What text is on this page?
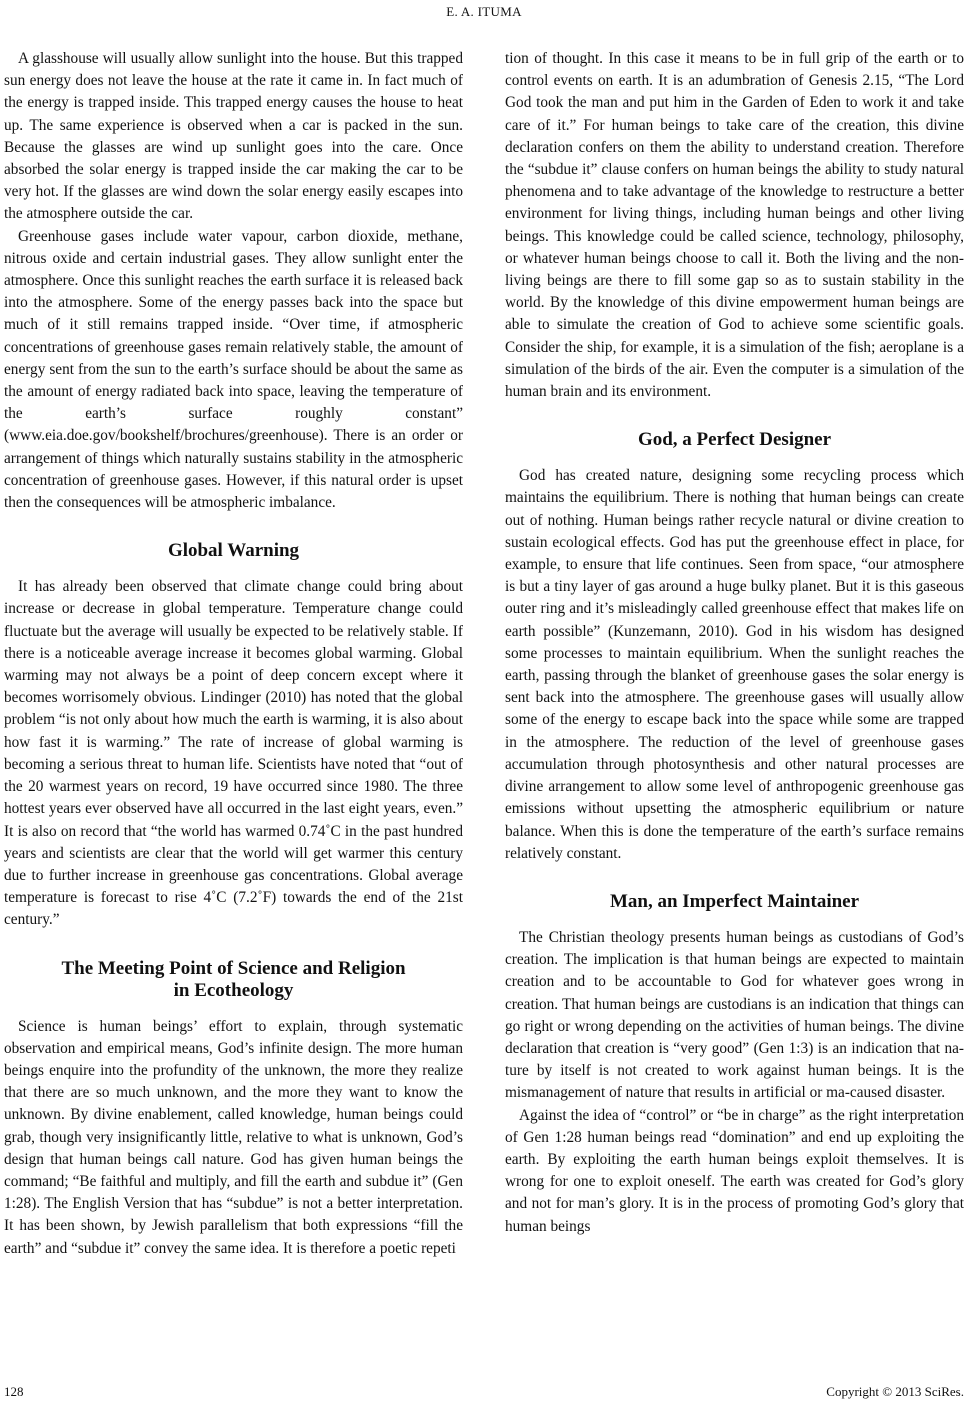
E. A. ITUMA

A glasshouse will usually allow sunlight into the house. But this trapped sun energy does not leave the house at the rate it came in. In fact much of the energy is trapped inside. This trapped energy causes the house to heat up. The same experience is observed when a car is packed in the sun. Because the glasses are wind up sunlight goes into the care. Once absorbed the solar energy is trapped inside the car making the car to be very hot. If the glasses are wind down the solar energy easily escapes into the atmosphere outside the car.

Greenhouse gases include water vapour, carbon dioxide, methane, nitrous oxide and certain industrial gases. They allow sunlight enter the atmosphere. Once this sunlight reaches the earth surface it is released back into the atmosphere. Some of the energy passes back into the space but much of it still remains trapped inside. “Over time, if atmospheric concentrations of greenhouse gases remain relatively stable, the amount of energy sent from the sun to the earth’s surface should be about the same as the amount of energy radiated back into space, leaving the temperature of the earth’s surface roughly constant” (www.eia.doe.gov/bookshelf/brochures/greenhouse). There is an order or arrangement of things which naturally sustains stability in the atmospheric concentration of greenhouse gases. However, if this natural order is upset then the consequences will be atmospheric imbalance.

Global Warning

It has already been observed that climate change could bring about increase or decrease in global temperature. Temperature change could fluctuate but the average will usually be expected to be relatively stable. If there is a noticeable average increase it becomes global warming. Global warming may not always be a point of deep concern except where it becomes worrisomely obvious. Lindinger (2010) has noted that the global problem “is not only about how much the earth is warming, it is also about how fast it is warming.” The rate of increase of global warming is becoming a serious threat to human life. Scientists have noted that “out of the 20 warmest years on record, 19 have occurred since 1980. The three hottest years ever observed have all occurred in the last eight years, even.” It is also on record that “the world has warmed 0.74˚C in the past hundred years and scientists are clear that the world will get warmer this century due to further increase in greenhouse gas concentrations. Global average temperature is forecast to rise 4˚C (7.2˚F) towards the end of the 21st century.”

The Meeting Point of Science and Religion
in Ecotheology

Science is human beings’ effort to explain, through systematic observation and empirical means, God’s infinite design. The more human beings enquire into the profundity of the unknown, the more they realize that there are so much unknown, and the more they want to know the unknown. By divine enablement, called knowledge, human beings could grab, though very insignificantly little, relative to what is unknown, God’s design that human beings call nature. God has given human beings the command; “Be faithful and multiply, and fill the earth and subdue it” (Gen 1:28). The English Version that has “subdue” is not a better interpretation. It has been shown, by Jewish parallelism that both expressions “fill the earth” and “subdue it” convey the same idea. It is therefore a poetic repeti

tion of thought. In this case it means to be in full grip of the earth or to control events on earth. It is an adumbration of Genesis 2.15, “The Lord God took the man and put him in the Garden of Eden to work it and take care of it.” For human beings to take care of the creation, this divine declaration confers on them the ability to understand creation. Therefore the “subdue it” clause confers on human beings the ability to study natural phenomena and to take advantage of the knowledge to restructure a better environment for living things, including human beings and other living beings. This knowledge could be called science, technology, philosophy, or whatever human beings choose to call it. Both the living and the non-living beings are there to fill some gap so as to sustain stability in the world. By the knowledge of this divine empowerment human beings are able to simulate the creation of God to achieve some scientific goals. Consider the ship, for example, it is a simulation of the fish; aeroplane is a simulation of the birds of the air. Even the computer is a simulation of the human brain and its environment.

God, a Perfect Designer

God has created nature, designing some recycling process which maintains the equilibrium. There is nothing that human beings can create out of nothing. Human beings rather recycle natural or divine creation to sustain ecological effects. God has put the greenhouse effect in place, for example, to ensure that life continues. Seen from space, “our atmosphere is but a tiny layer of gas around a huge bulky planet. But it is this gaseous outer ring and it’s misleadingly called greenhouse effect that makes life on earth possible” (Kunzemann, 2010). God in his wisdom has designed some processes to maintain equilibrium. When the sunlight reaches the earth, passing through the blanket of greenhouse gases the solar energy is sent back into the atmosphere. The greenhouse gases will usually allow some of the energy to escape back into the space while some are trapped in the atmosphere. The reduction of the level of greenhouse gases accumulation through photosynthesis and other natural processes are divine arrangement to allow some level of anthropogenic greenhouse gas emissions without upsetting the atmospheric equilibrium or nature balance. When this is done the temperature of the earth’s surface remains relatively constant.

Man, an Imperfect Maintainer

The Christian theology presents human beings as custodians of God’s creation. The implication is that human beings are expected to maintain creation and to be accountable to God for whatever goes wrong in creation. That human beings are custodians is an indication that things can go right or wrong depending on the activities of human beings. The divine declaration that creation is “very good” (Gen 1:3) is an indication that nature by itself is not created to work against human beings. It is the mismanagement of nature that results in artificial or ma-caused disaster.

Against the idea of “control” or “be in charge” as the right interpretation of Gen 1:28 human beings read “domination” and end up exploiting the earth. By exploiting the earth human beings exploit themselves. It is wrong for one to exploit oneself. The earth was created for God’s glory and not for man’s glory. It is in the process of promoting God’s glory that human beings

128	Copyright © 2013 SciRes.
